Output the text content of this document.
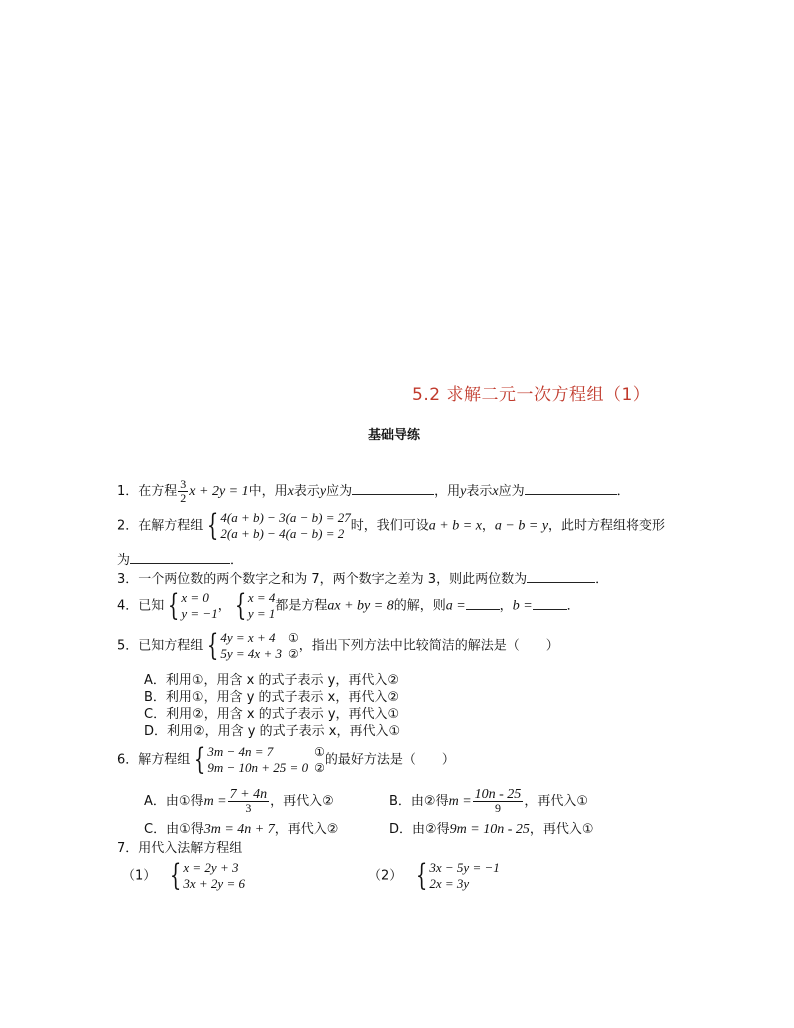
5.2 求解二元一次方程组（1）
基础导练
1．在方程 $\frac{3}{2}$ x + 2y = 1中，用x表示y应为	，用y表示x应为	．
2．在解方程组 { 4(a + b) − 3(a − b) = 27
2(a + b) − 4(a − b) = 2 时，我们可设a + b = x，a − b = y，此时方程组将变形
为	．
3．一个两位数的两个数字之和为 7，两个数字之差为 3，则此两位数为	．
4．已知 { x = 0
y = −1 ， { x = 4
y = 1 都是方程ax + by = 8的解，则a =	，b =	．
5．已知方程组 { 4y = x + 4
5y = 4x + 3
①
②
，指出下列方法中比较简洁的解法是（　　）
A．利用①，用含 x 的式子表示 y，再代入②
B．利用①，用含 y 的式子表示 x，再代入②
C．利用②，用含 x 的式子表示 y，再代入①
D．利用②，用含 y 的式子表示 x，再代入①
6．解方程组 { 3m − 4n = 7
9m − 10n + 25 = 0
①
②
的最好方法是（　　）
A．由①得$m = \frac{7 + 4n}{3}$ ，再代入②	B．由②得$m = \frac{10n - 25}{9}$ ，再代入①
C．由①得3m = 4n + 7，再代入②	D．由②得9m = 10n - 25，再代入①
7．用代入法解方程组
（1） { x = 2y + 3
3x + 2y = 6	（2） { 3x − 5y = −1
2x = 3y
